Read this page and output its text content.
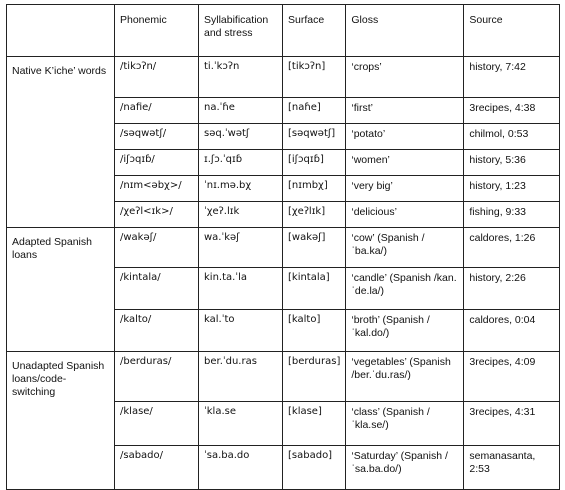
	Phonemic	Syllabification and stress	Surface	Gloss	Source
Native K’iche’ words	/tikɔʔn/	ti.ˈkɔʔn	[tikɔʔn]	‘crops’	history, 7:42
	/nafie/	na.ˈɦe	[naɦe]	‘first’	3recipes, 4:38
	/səqwətʃ/	səq.ˈwətʃ	[səqwətʃ]	‘potato’	chilmol, 0:53
	/iʃɔqɪɓ/	ɪ.ʃɔ.ˈqɪɓ	[iʃɔqɪɓ]	‘women’	history, 5:36
	/nɪm<əbχ>/	ˈnɪ.mə.bχ	[nɪmbχ]	‘very big’	history, 1:23
	/χeʔl<ɪk>/	ˈχeʔ.lɪk	[χeʔlɪk]	‘delicious’	fishing, 9:33
Adapted Spanish loans	/wakəʃ/	wa.ˈkəʃ	[wakəʃ]	‘cow’ (Spanish /ˈba.ka/)	caldores, 1:26
	/kintala/	kin.ta.ˈla	[kintala]	‘candle’ (Spanish /kan.ˈde.la/)	history, 2:26
	/kalto/	kal.ˈto	[kalto]	‘broth’ (Spanish /ˈkal.do/)	caldores, 0:04
Unadapted Spanish loans/code-switching	/berduras/	ber.ˈdu.ras	[berduras]	‘vegetables’ (Spanish /ber.ˈdu.ras/)	3recipes, 4:09
	/klase/	ˈkla.se	[klase]	‘class’ (Spanish /ˈkla.se/)	3recipes, 4:31
	/sabado/	ˈsa.ba.do	[sabado]	‘Saturday’ (Spanish /ˈsa.ba.do/)	semanasanta, 2:53
